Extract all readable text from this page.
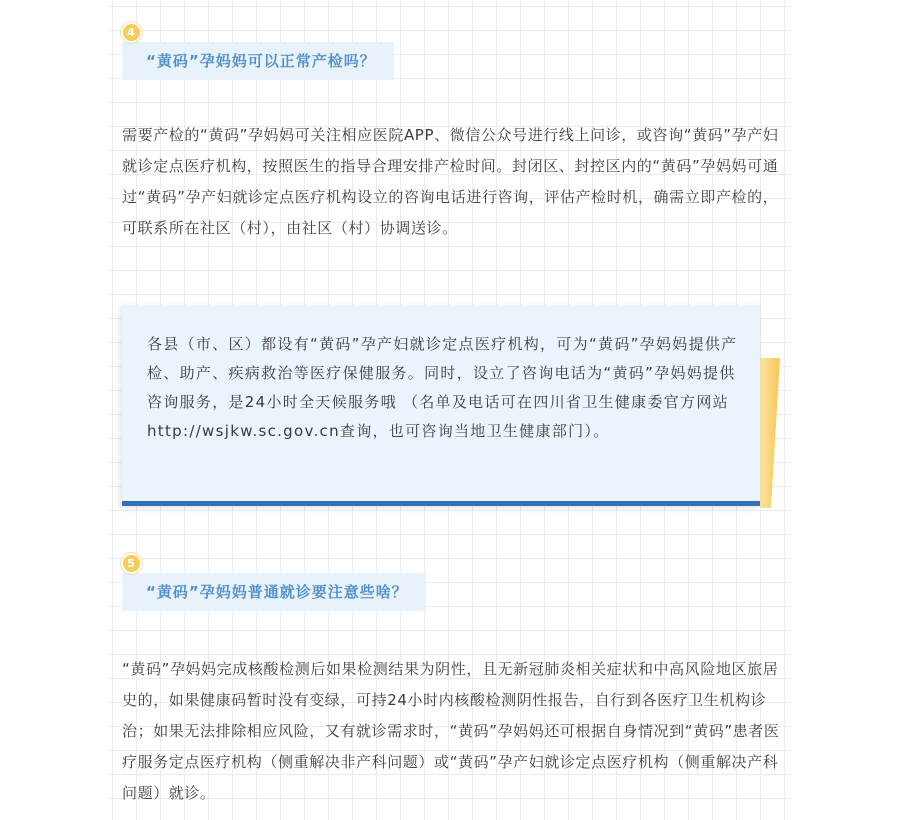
4
“黄码”孕妈妈可以正常产检吗？

需要产检的“黄码”孕妈妈可关注相应医院APP、微信公众号进行线上问诊，或咨询“黄码”孕产妇就诊定点医疗机构，按照医生的指导合理安排产检时间。封闭区、封控区内的“黄码”孕妈妈可通过“黄码”孕产妇就诊定点医疗机构设立的咨询电话进行咨询，评估产检时机，确需立即产检的，可联系所在社区（村），由社区（村）协调送诊。

各县（市、区）都设有“黄码”孕产妇就诊定点医疗机构，可为“黄码”孕妈妈提供产检、助产、疾病救治等医疗保健服务。同时，设立了咨询电话为“黄码”孕妈妈提供咨询服务，是24小时全天候服务哦 （名单及电话可在四川省卫生健康委官方网站http://wsjkw.sc.gov.cn查询，也可咨询当地卫生健康部门）。

5
“黄码”孕妈妈普通就诊要注意些啥？

“黄码”孕妈妈完成核酸检测后如果检测结果为阴性，且无新冠肺炎相关症状和中高风险地区旅居史的，如果健康码暂时没有变绿，可持24小时内核酸检测阴性报告，自行到各医疗卫生机构诊治；如果无法排除相应风险，又有就诊需求时，“黄码”孕妈妈还可根据自身情况到“黄码”患者医疗服务定点医疗机构（侧重解决非产科问题）或“黄码”孕产妇就诊定点医疗机构（侧重解决产科问题）就诊。
